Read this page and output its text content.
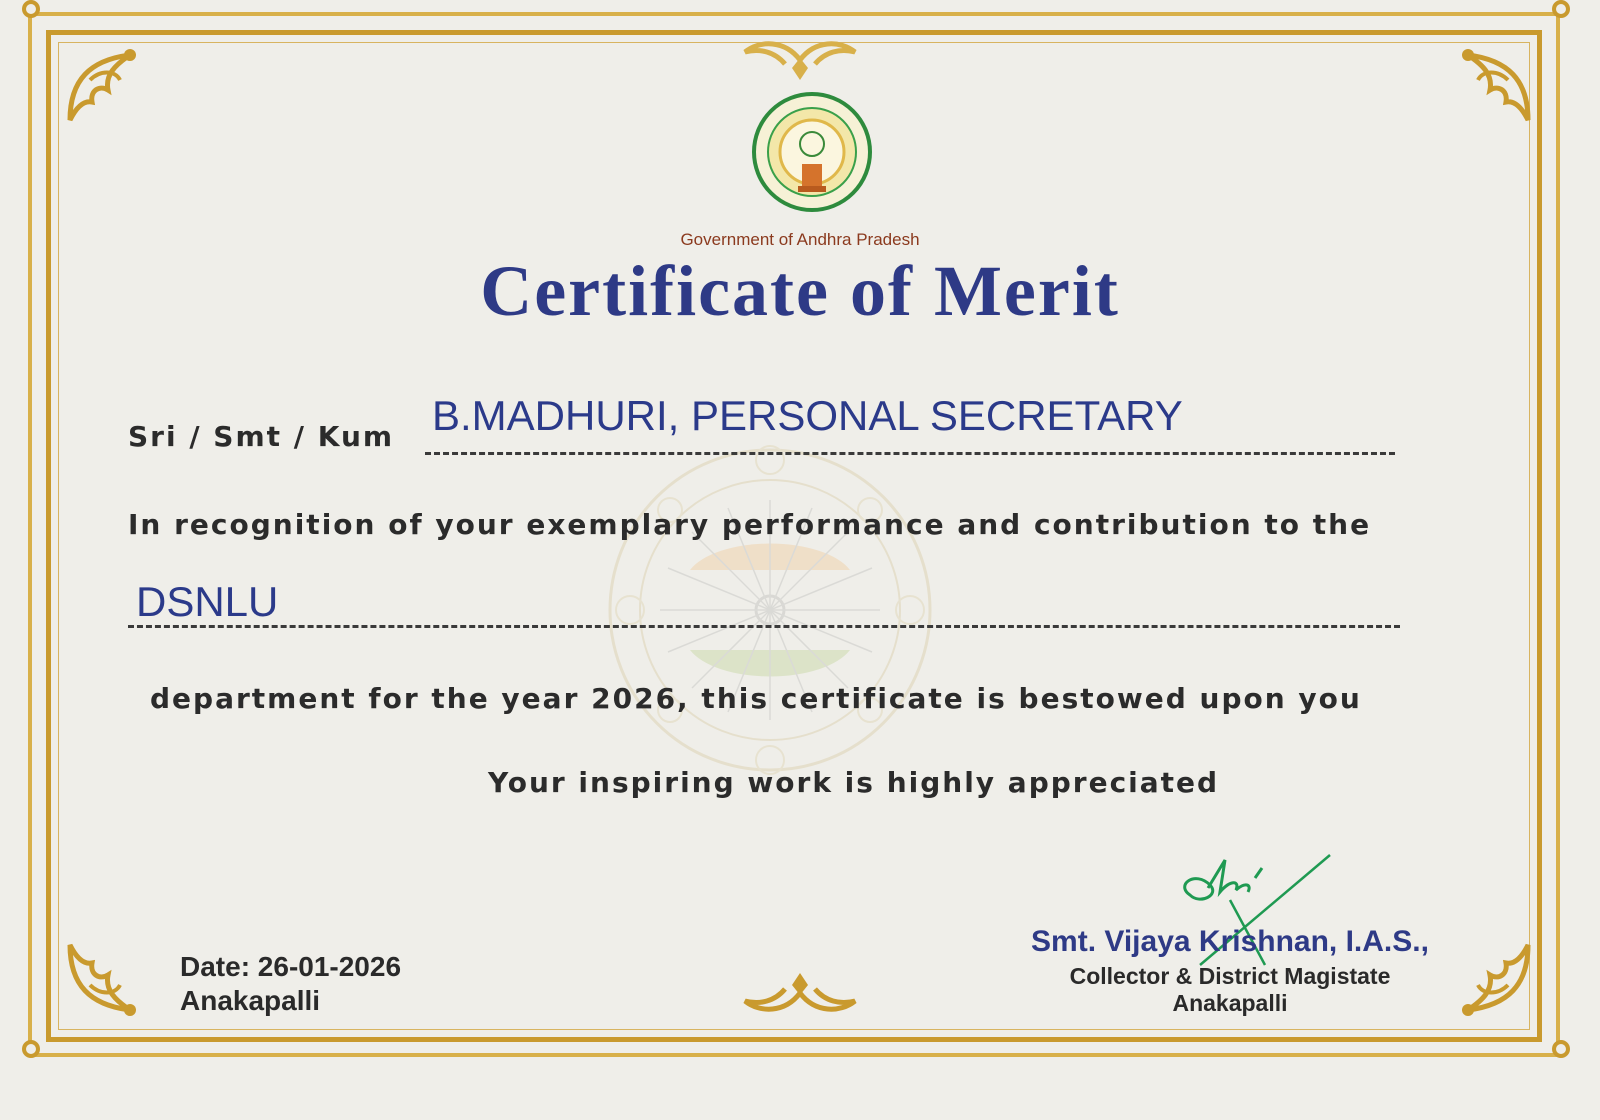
Government of Andhra Pradesh
Certificate of Merit
Sri / Smt / Kum B.MADHURI, PERSONAL SECRETARY
In recognition of your exemplary performance and contribution to the
DSNLU
department for the year 2026, this certificate is bestowed upon you
Your inspiring work is highly appreciated
Date: 26-01-2026
Anakapalli
Smt. Vijaya Krishnan, I.A.S.,
Collector & District Magistate
Anakapalli
